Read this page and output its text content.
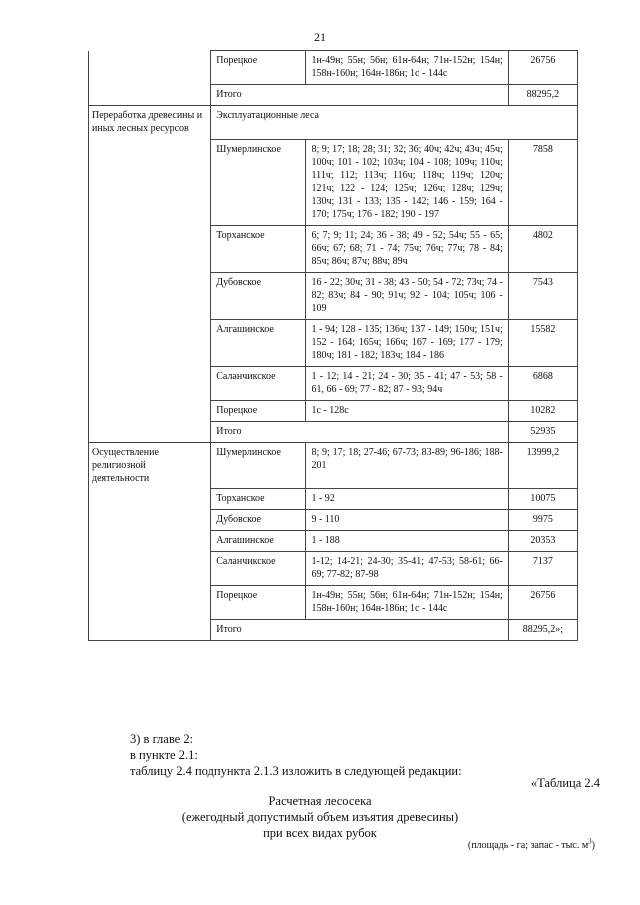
21
	Порецкое	1н-49н; 55н; 56н; 61н-64н; 71н-152н; 154н; 158н-160н; 164н-186н; 1с - 144с	26756

	Итого		88295,2

Переработка древесины и иных лесных ресурсов	Эксплуатационные леса		

	Шумерлинское	8; 9; 17; 18; 28; 31; 32; 36; 40ч; 42ч; 43ч; 45ч; 100ч; 101 - 102; 103ч; 104 - 108; 109ч; 110ч; 111ч; 112; 113ч; 116ч; 118ч; 119ч; 120ч; 121ч; 122 - 124; 125ч; 126ч; 128ч; 129ч; 130ч; 131 - 133; 135 - 142; 146 - 159; 164 - 170; 175ч; 176 - 182; 190 - 197	7858

	Торханское	6; 7; 9; 11; 24; 36 - 38; 49 - 52; 54ч; 55 - 65; 66ч; 67; 68; 71 - 74; 75ч; 76ч; 77ч; 78 - 84; 85ч; 86ч; 87ч; 88ч; 89ч	4802

	Дубовское	16 - 22; 30ч; 31 - 38; 43 - 50; 54 - 72; 73ч; 74 - 82; 83ч; 84 - 90; 91ч; 92 - 104; 105ч; 106 - 109	7543

	Алгашинское	1 - 94; 128 - 135; 136ч; 137 - 149; 150ч; 151ч; 152 - 164; 165ч; 166ч; 167 - 169; 177 - 179; 180ч; 181 - 182; 183ч; 184 - 186	15582

	Саланчикское	1 - 12; 14 - 21; 24 - 30; 35 - 41; 47 - 53; 58 - 61, 66 - 69; 77 - 82; 87 - 93; 94ч	6868

	Порецкое	1с - 128с	10282

	Итого		52935

Осуществление религиозной деятельности	Шумерлинское	8; 9; 17; 18; 27-46; 67-73; 83-89; 96-186; 188-201	13999,2

	Торханское	1 - 92	10075

	Дубовское	9 - 110	9975

	Алгашинское	1 - 188	20353

	Саланчикское	1-12; 14-21; 24-30; 35-41; 47-53; 58-61; 66-69; 77-82; 87-98	7137

	Порецкое	1н-49н; 55н; 56н; 61н-64н; 71н-152н; 154н; 158н-160н; 164н-186н; 1с - 144с	26756

	Итого		88295,2»;
3) в главе 2:
в пункте 2.1:
таблицу 2.4 подпункта 2.1.3 изложить в следующей редакции:
«Таблица 2.4
Расчетная лесосека
(ежегодный допустимый объем изъятия древесины)
при всех видах рубок
(площадь - га; запас - тыс. $м^3$)
